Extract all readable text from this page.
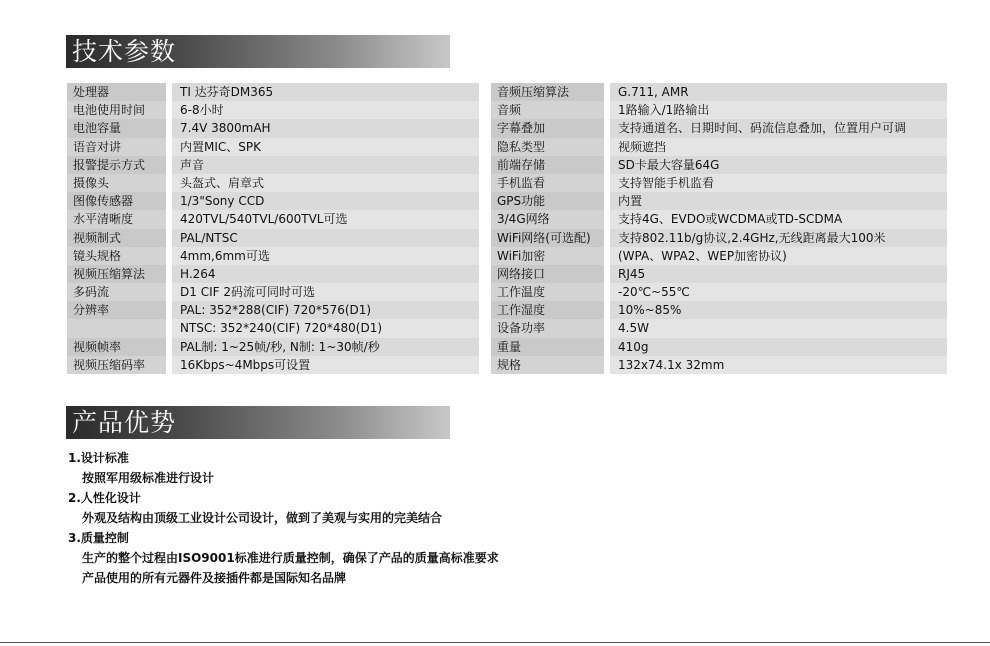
技术参数
处理器	TI 达芬奇DM365
电池使用时间	6-8小时
电池容量	7.4V 3800mAH
语音对讲	内置MIC、SPK
报警提示方式	声音
摄像头	头盔式、肩章式
图像传感器	1/3"Sony CCD
水平清晰度	420TVL/540TVL/600TVL可选
视频制式	PAL/NTSC
镜头规格	4mm,6mm可选
视频压缩算法	H.264
多码流	D1 CIF 2码流可同时可选
分辨率	PAL: 352*288(CIF) 720*576(D1)
NTSC: 352*240(CIF) 720*480(D1)
视频帧率	PAL制: 1~25帧/秒, N制: 1~30帧/秒
视频压缩码率	16Kbps~4Mbps可设置
音频压缩算法	G.711, AMR
音频	1路输入/1路输出
字幕叠加	支持通道名、日期时间、码流信息叠加，位置用户可调
隐私类型	视频遮挡
前端存储	SD卡最大容量64G
手机监看	支持智能手机监看
GPS功能	内置
3/4G网络	支持4G、EVDO或WCDMA或TD-SCDMA
WiFi网络(可选配)	支持802.11b/g协议,2.4GHz,无线距离最大100米
WiFi加密	(WPA、WPA2、WEP加密协议)
网络接口	RJ45
工作温度	-20℃~55℃
工作湿度	10%~85%
设备功率	4.5W
重量	410g
规格	132x74.1x 32mm
产品优势
1.设计标准
按照军用级标准进行设计
2.人性化设计
外观及结构由顶级工业设计公司设计，做到了美观与实用的完美结合
3.质量控制
生产的整个过程由ISO9001标准进行质量控制，确保了产品的质量高标准要求
产品使用的所有元器件及接插件都是国际知名品牌
